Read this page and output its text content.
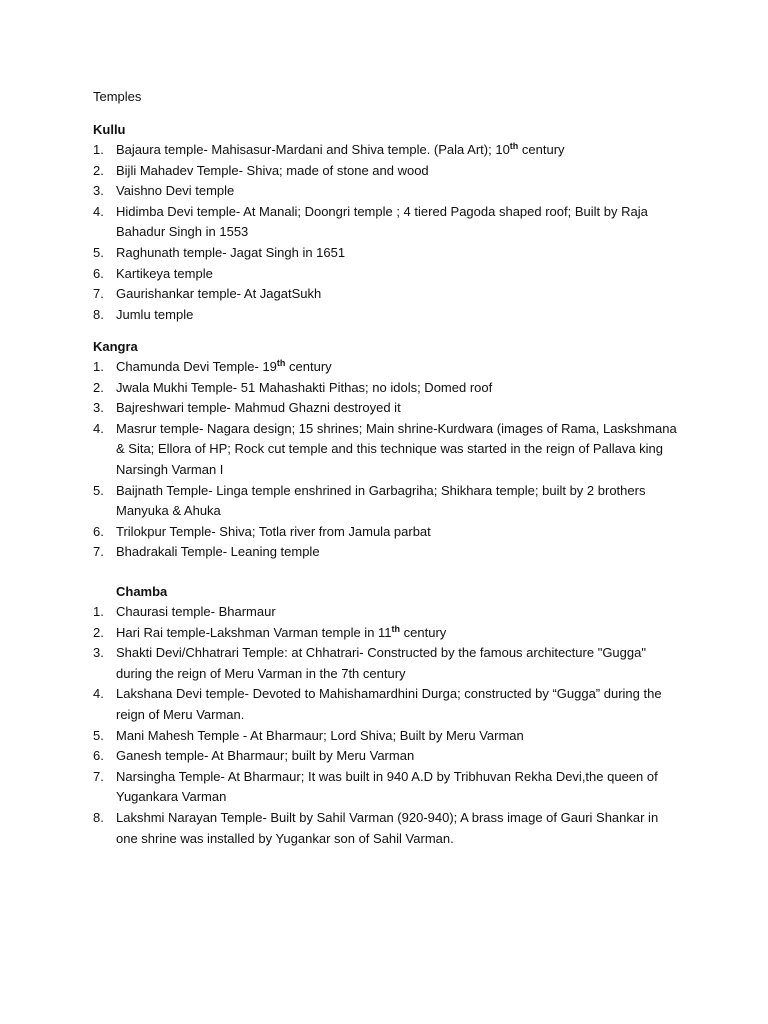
Temples
Kullu
1. Bajaura temple- Mahisasur-Mardani and Shiva temple. (Pala Art); 10th century
2. Bijli Mahadev Temple- Shiva; made of stone and wood
3. Vaishno Devi temple
4. Hidimba Devi temple- At Manali; Doongri temple ; 4 tiered Pagoda shaped roof; Built by Raja Bahadur Singh in 1553
5. Raghunath temple- Jagat Singh in 1651
6. Kartikeya temple
7. Gaurishankar temple- At JagatSukh
8. Jumlu temple
Kangra
1. Chamunda Devi Temple- 19th century
2. Jwala Mukhi Temple- 51 Mahashakti Pithas; no idols; Domed roof
3. Bajreshwari temple- Mahmud Ghazni destroyed it
4. Masrur temple- Nagara design; 15 shrines; Main shrine-Kurdwara (images of Rama, Laskshmana & Sita; Ellora of HP; Rock cut temple and this technique was started in the reign of Pallava king Narsingh Varman I
5. Baijnath Temple- Linga temple enshrined in Garbagriha; Shikhara temple; built by 2 brothers Manyuka & Ahuka
6. Trilokpur Temple- Shiva; Totla river from Jamula parbat
7. Bhadrakali Temple- Leaning temple
Chamba
1. Chaurasi temple- Bharmaur
2. Hari Rai temple-Lakshman Varman temple in 11th century
3. Shakti Devi/Chhatrari Temple: at Chhatrari- Constructed by the famous architecture "Gugga" during the reign of Meru Varman in the 7th century
4. Lakshana Devi temple- Devoted to Mahishamardhini Durga; constructed by “Gugga” during the reign of Meru Varman.
5. Mani Mahesh Temple - At Bharmaur; Lord Shiva; Built by Meru Varman
6. Ganesh temple- At Bharmaur; built by Meru Varman
7. Narsingha Temple- At Bharmaur; It was built in 940 A.D by Tribhuvan Rekha Devi,the queen of Yugankara Varman
8. Lakshmi Narayan Temple- Built by Sahil Varman (920-940); A brass image of Gauri Shankar in one shrine was installed by Yugankar son of Sahil Varman.
